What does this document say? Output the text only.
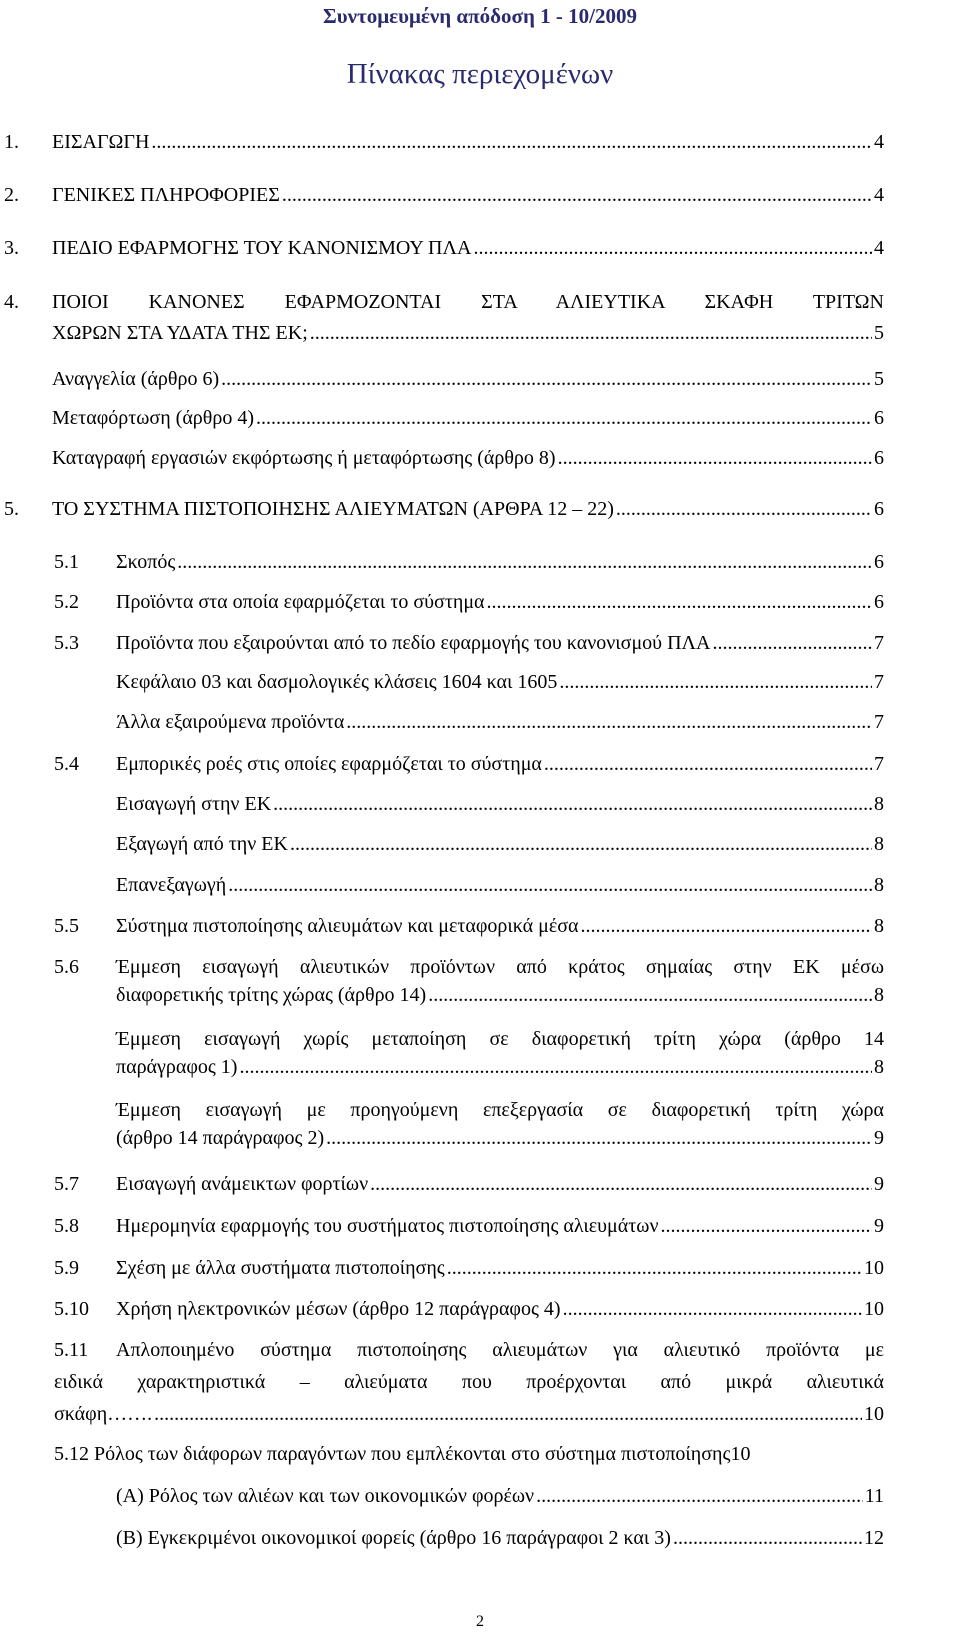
Συντομευμένη απόδοση 1 - 10/2009
Πίνακας περιεχομένων
1. ΕΙΣΑΓΩΓΗ .....	4
2. ΓΕΝΙΚΕΣ ΠΛΗΡΟΦΟΡΙΕΣ .....	4
3. ΠΕΔΙΟ ΕΦΑΡΜΟΓΗΣ ΤΟΥ ΚΑΝΟΝΙΣΜΟΥ ΠΛΑ .....	4
4. ΠΟΙΟΙ ΚΑΝΟΝΕΣ ΕΦΑΡΜΟΖΟΝΤΑΙ ΣΤΑ ΑΛΙΕΥΤΙΚΑ ΣΚΑΦΗ ΤΡΙΤΩΝ
ΧΩΡΩΝ ΣΤΑ ΥΔΑΤΑ ΤΗΣ ΕΚ; .....	5
Αναγγελία (άρθρο 6) .....	5
Μεταφόρτωση (άρθρο 4) .....	6
Καταγραφή εργασιών εκφόρτωσης ή μεταφόρτωσης (άρθρο 8) .....	6
5. ΤΟ ΣΥΣΤΗΜΑ ΠΙΣΤΟΠΟΙΗΣΗΣ ΑΛΙΕΥΜΑΤΩΝ (ΑΡΘΡΑ 12 – 22) .....	6
5.1 Σκοπός .....	6
5.2 Προϊόντα στα οποία εφαρμόζεται το σύστημα .....	6
5.3 Προϊόντα που εξαιρούνται από το πεδίο εφαρμογής του κανονισμού ΠΛΑ .....	7
Κεφάλαιο 03 και δασμολογικές κλάσεις 1604 και 1605 .....	7
Άλλα εξαιρούμενα προϊόντα .....	7
5.4 Εμπορικές ροές στις οποίες εφαρμόζεται το σύστημα .....	7
Εισαγωγή στην ΕΚ .....	8
Εξαγωγή από την ΕΚ .....	8
Επανεξαγωγή .....	8
5.5 Σύστημα πιστοποίησης αλιευμάτων και μεταφορικά μέσα .....	8
5.6 Έμμεση εισαγωγή αλιευτικών προϊόντων από κράτος σημαίας στην ΕΚ μέσω
διαφορετικής τρίτης χώρας (άρθρο 14) .....	8
Έμμεση εισαγωγή χωρίς μεταποίηση σε διαφορετική τρίτη χώρα (άρθρο 14
παράγραφος 1) .....	8
Έμμεση εισαγωγή με προηγούμενη επεξεργασία σε διαφορετική τρίτη χώρα
(άρθρο 14 παράγραφος 2) .....	9
5.7 Εισαγωγή ανάμεικτων φορτίων .....	9
5.8 Ημερομηνία εφαρμογής του συστήματος πιστοποίησης αλιευμάτων .....	9
5.9 Σχέση με άλλα συστήματα πιστοποίησης .....	10
5.10 Χρήση ηλεκτρονικών μέσων (άρθρο 12 παράγραφος 4) .....	10
5.11 Απλοποιημένο σύστημα πιστοποίησης αλιευμάτων για αλιευτικό προϊόντα με
ειδικά χαρακτηριστικά – αλιεύματα που προέρχονται από μικρά αλιευτικά
σκάφη……. .....	10
5.12 Ρόλος των διάφορων παραγόντων που εμπλέκονται στο σύστημα πιστοποίησης 10
(A) Ρόλος των αλιέων και των οικονομικών φορέων .....	11
(B) Εγκεκριμένοι οικονομικοί φορείς (άρθρο 16 παράγραφοι 2 και 3) .....	12
2
